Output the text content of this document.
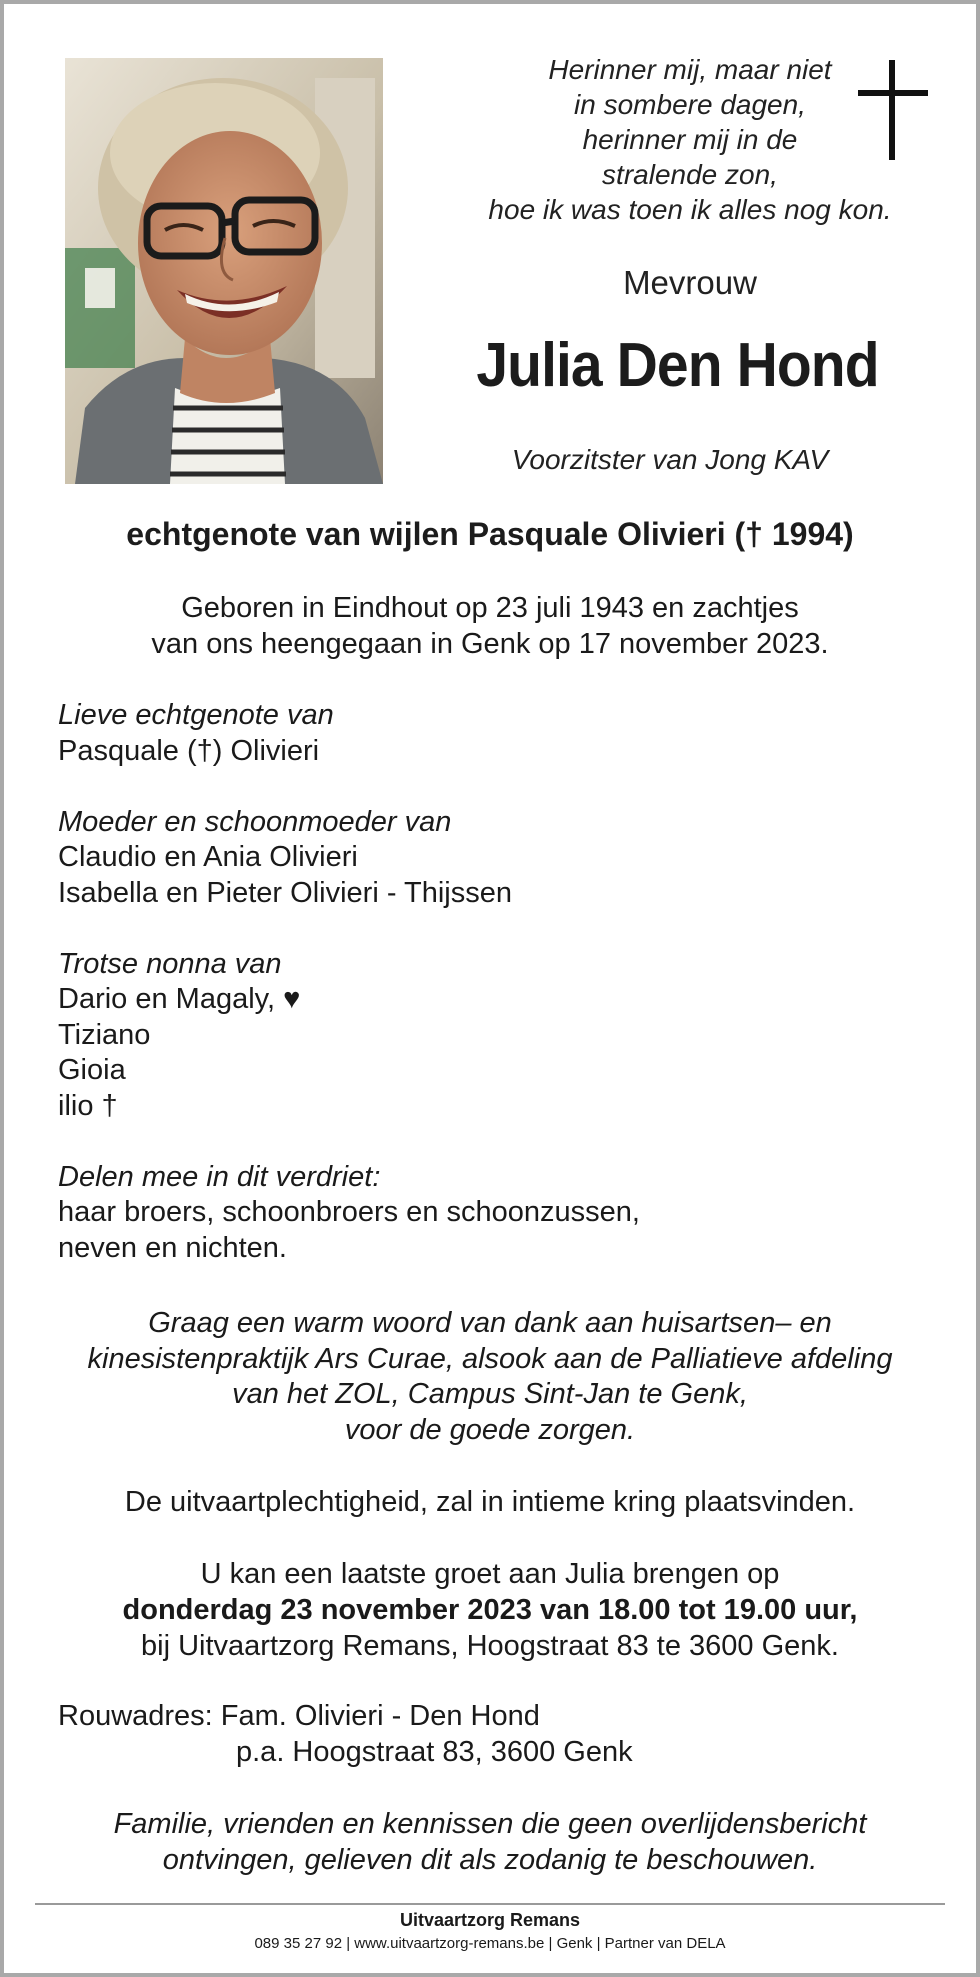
Herinner mij, maar niet
in sombere dagen,
herinner mij in de
stralende zon,
hoe ik was toen ik alles nog kon.
Mevrouw
Julia Den Hond
Voorzitster van Jong KAV
echtgenote van wijlen Pasquale Olivieri († 1994)
Geboren in Eindhout op 23 juli 1943 en zachtjes
van ons heengegaan in Genk op 17 november 2023.
Lieve echtgenote van
Pasquale (†) Olivieri
Moeder en schoonmoeder van
Claudio en Ania Olivieri
Isabella en Pieter Olivieri - Thijssen
Trotse nonna van
Dario en Magaly, ♥
Tiziano
Gioia
ilio †
Delen mee in dit verdriet:
haar broers, schoonbroers en schoonzussen,
neven en nichten.
Graag een warm woord van dank aan huisartsen– en
kinesistenpraktijk Ars Curae, alsook aan de Palliatieve afdeling
van het ZOL, Campus Sint-Jan te Genk,
voor de goede zorgen.
De uitvaartplechtigheid, zal in intieme kring plaatsvinden.
U kan een laatste groet aan Julia brengen op
donderdag 23 november 2023 van 18.00 tot 19.00 uur,
bij Uitvaartzorg Remans, Hoogstraat 83 te 3600 Genk.
Rouwadres: Fam. Olivieri - Den Hond
p.a. Hoogstraat 83, 3600 Genk
Familie, vrienden en kennissen die geen overlijdensbericht
ontvingen, gelieven dit als zodanig te beschouwen.
Uitvaartzorg Remans
089 35 27 92 | www.uitvaartzorg-remans.be | Genk | Partner van DELA
